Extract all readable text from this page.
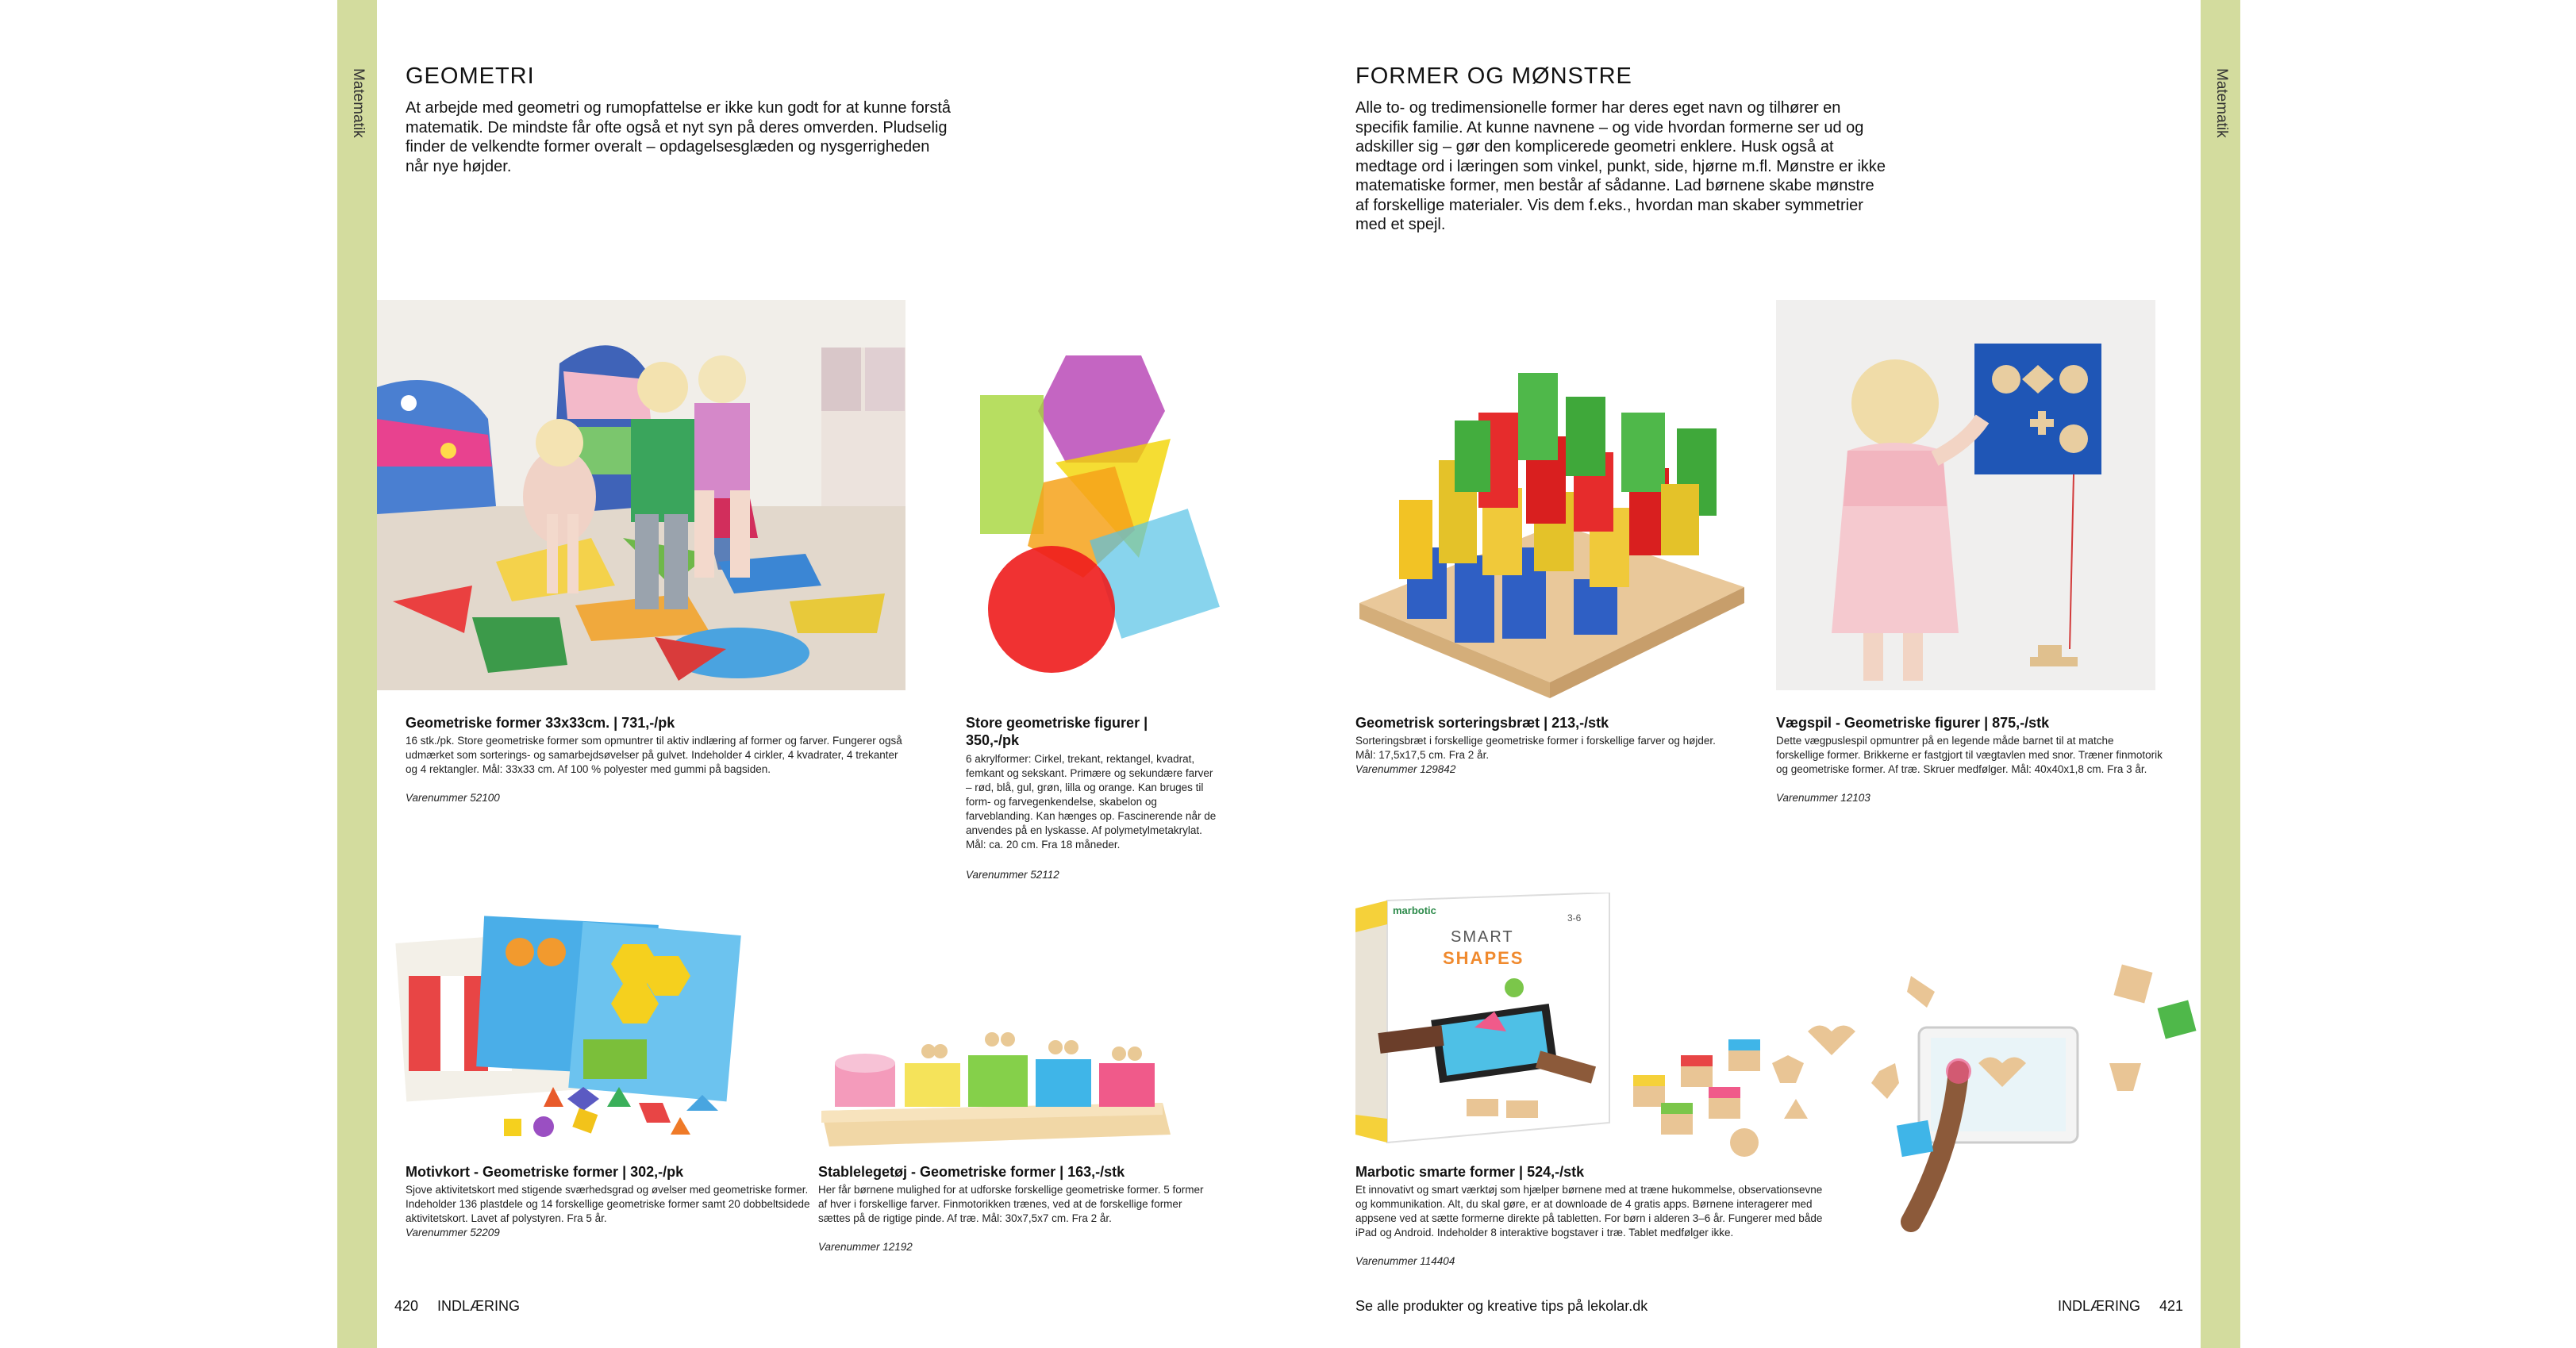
Matematik GEOMETRI
At arbejde med geometri og rumopfattelse er ikke kun godt for at kunne forstå matematik. De mindste får ofte også et nyt syn på deres omverden. Pludselig finder de velkendte former overalt – opdagelsesglæden og nysgerrigheden når nye højder.
Geometriske former 33x33cm. | 731,-/pk
16 stk./pk. Store geometriske former som opmuntrer til aktiv indlæring af former og farver. Fungerer også udmærket som sorterings- og samarbejdsøvelser på gulvet. Indeholder 4 cirkler, 4 kvadrater, 4 trekanter og 4 rektangler. Mål: 33x33 cm. Af 100 % polyester med gummi på bagsiden.
Varenummer 52100
Store geometriske figurer | 350,-/pk
6 akrylformer: Cirkel, trekant, rektangel, kvadrat, femkant og sekskant. Primære og sekundære farver – rød, blå, gul, grøn, lilla og orange. Kan bruges til form- og farvegenkendelse, skabelon og farveblanding. Kan hænges op. Fascinerende når de anvendes på en lyskasse. Af polymetylmetakrylat. Mål: ca. 20 cm. Fra 18 måneder.
Varenummer 52112
Motivkort - Geometriske former | 302,-/pk
Sjove aktivitetskort med stigende sværhedsgrad og øvelser med geometriske former. Indeholder 136 plastdele og 14 forskellige geometriske former samt 20 dobbeltsidede aktivitetskort. Lavet af polystyren. Fra 5 år.
Varenummer 52209
Stablelegetøj - Geometriske former | 163,-/stk
Her får børnene mulighed for at udforske forskellige geometriske former. 5 former af hver i forskellige farver. Finmotorikken trænes, ved at de forskellige former sættes på de rigtige pinde. Af træ. Mål: 30x7,5x7 cm. Fra 2 år.
Varenummer 12192
420 INDLÆRING
Matematik
FORMER OG MØNSTRE
Alle to- og tredimensionelle former har deres eget navn og tilhører en specifik familie. At kunne navnene – og vide hvordan formerne ser ud og adskiller sig – gør den komplicerede geometri enklere. Husk også at medtage ord i læringen som vinkel, punkt, side, hjørne m.fl. Mønstre er ikke matematiske former, men består af sådanne. Lad børnene skabe mønstre af forskellige materialer. Vis dem f.eks., hvordan man skaber symmetrier med et spejl.
Geometrisk sorteringsbræt | 213,-/stk
Sorteringsbræt i forskellige geometriske former i forskellige farver og højder. Mål: 17,5x17,5 cm. Fra 2 år.
Varenummer 129842
Vægspil - Geometriske figurer | 875,-/stk
Dette vægpuslespil opmuntrer på en legende måde barnet til at matche forskellige former. Brikkerne er fastgjort til vægtavlen med snor. Træner finmotorik og geometriske former. Af træ. Skruer medfølger. Mål: 40x40x1,8 cm. Fra 3 år.
Varenummer 12103
marbotic
SMART
SHAPES
3-6
Marbotic smarte former | 524,-/stk
Et innovativt og smart værktøj som hjælper børnene med at træne hukommelse, observationsevne og kommunikation. Alt, du skal gøre, er at downloade de 4 gratis apps. Børnene interagerer med appsene ved at sætte formerne direkte på tabletten. For børn i alderen 3–6 år. Fungerer med både iPad og Android. Indeholder 8 interaktive bogstaver i træ. Tablet medfølger ikke.
Varenummer 114404
Se alle produkter og kreative tips på lekolar.dk	INDLÆRING 421
